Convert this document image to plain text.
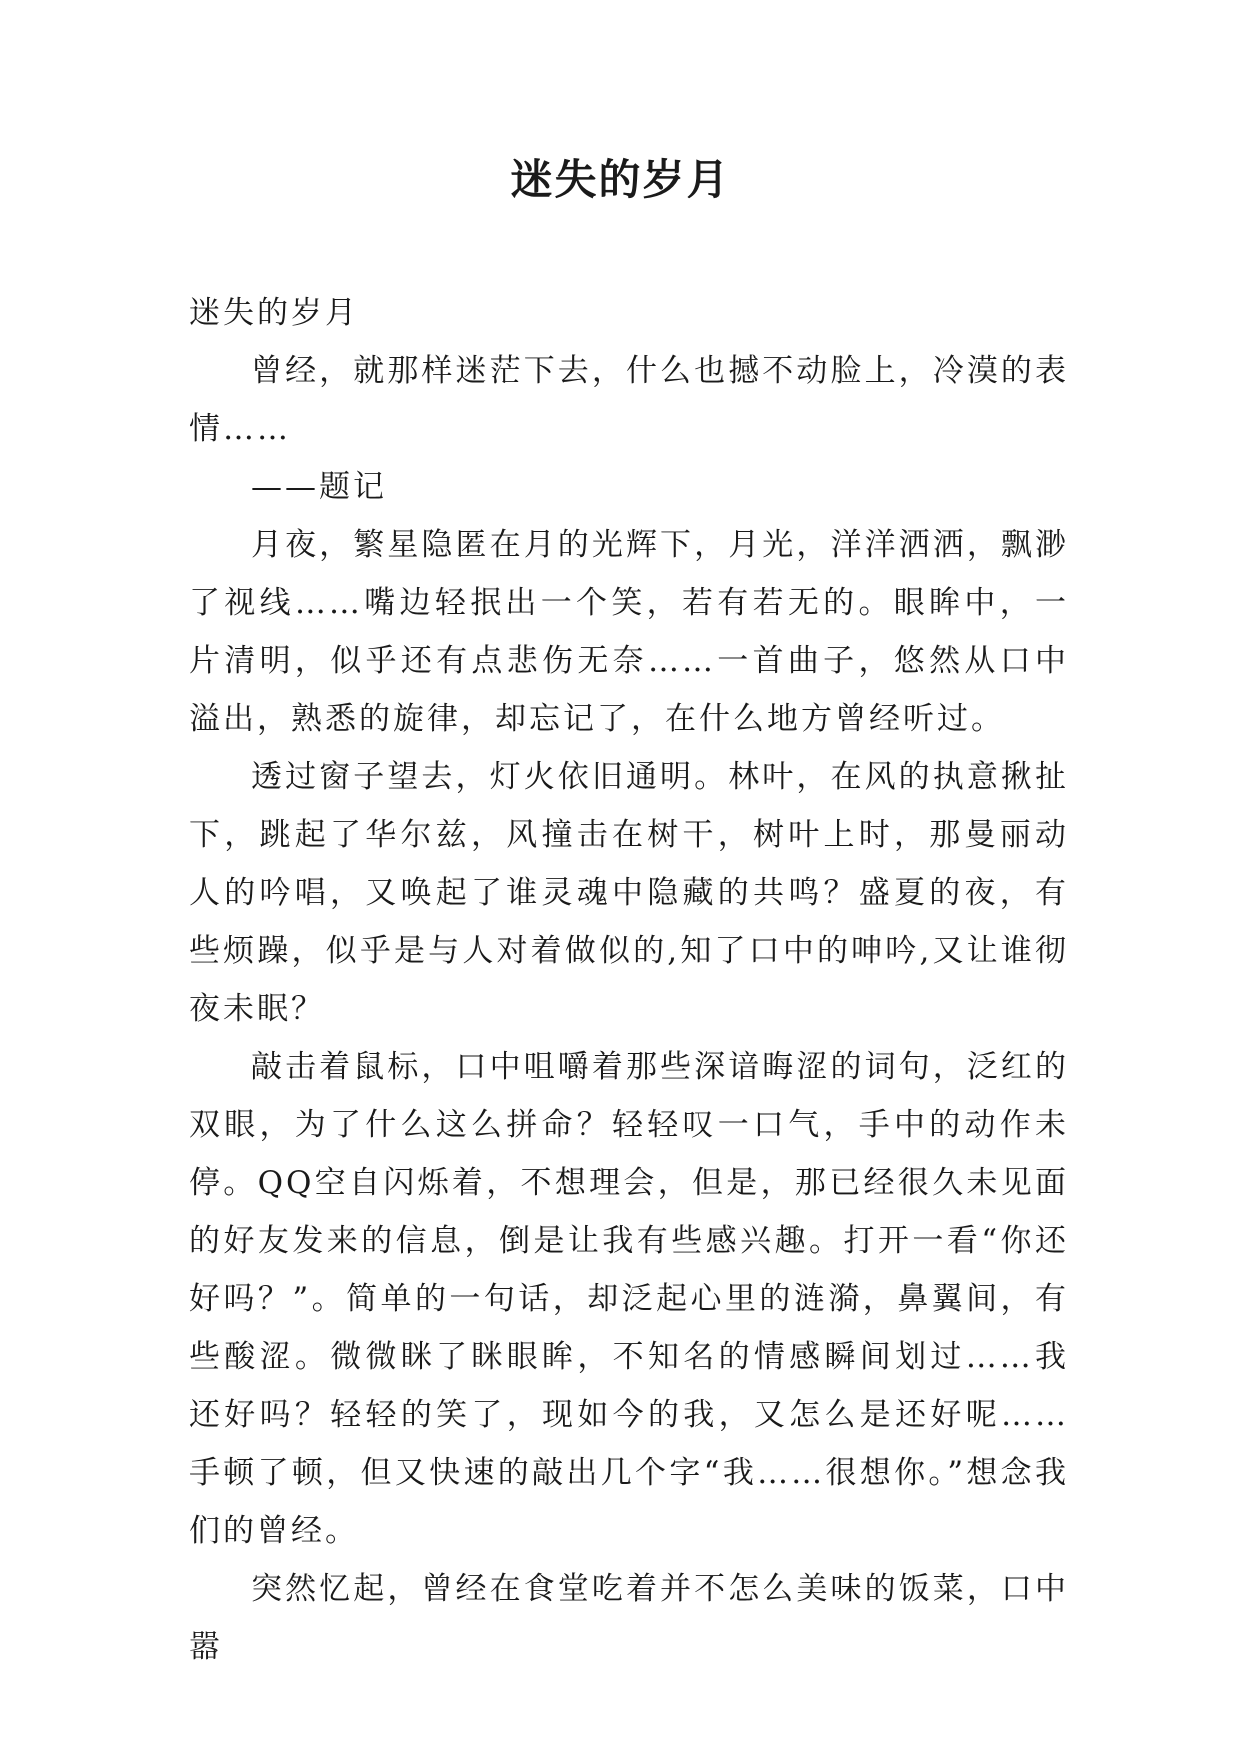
迷失的岁月

迷失的岁月

曾经，就那样迷茫下去，什么也撼不动脸上，冷漠的表情……

——题记

月夜，繁星隐匿在月的光辉下，月光，洋洋洒洒，飘渺了视线……嘴边轻抿出一个笑，若有若无的。眼眸中，一片清明，似乎还有点悲伤无奈……一首曲子，悠然从口中溢出，熟悉的旋律，却忘记了，在什么地方曾经听过。

透过窗子望去，灯火依旧通明。林叶，在风的执意揪扯下，跳起了华尔兹，风撞击在树干，树叶上时，那曼丽动人的吟唱，又唤起了谁灵魂中隐藏的共鸣？盛夏的夜，有些烦躁，似乎是与人对着做似的,知了口中的呻吟,又让谁彻夜未眠？

敲击着鼠标，口中咀嚼着那些深谙晦涩的词句，泛红的双眼，为了什么这么拼命？轻轻叹一口气，手中的动作未停。QQ空自闪烁着，不想理会，但是，那已经很久未见面的好友发来的信息，倒是让我有些感兴趣。打开一看“你还好吗？”。简单的一句话，却泛起心里的涟漪，鼻翼间，有些酸涩。微微眯了眯眼眸，不知名的情感瞬间划过……我还好吗？轻轻的笑了，现如今的我，又怎么是还好呢……手顿了顿，但又快速的敲出几个字“我……很想你。”想念我们的曾经。

突然忆起，曾经在食堂吃着并不怎么美味的饭菜，口中嚣
